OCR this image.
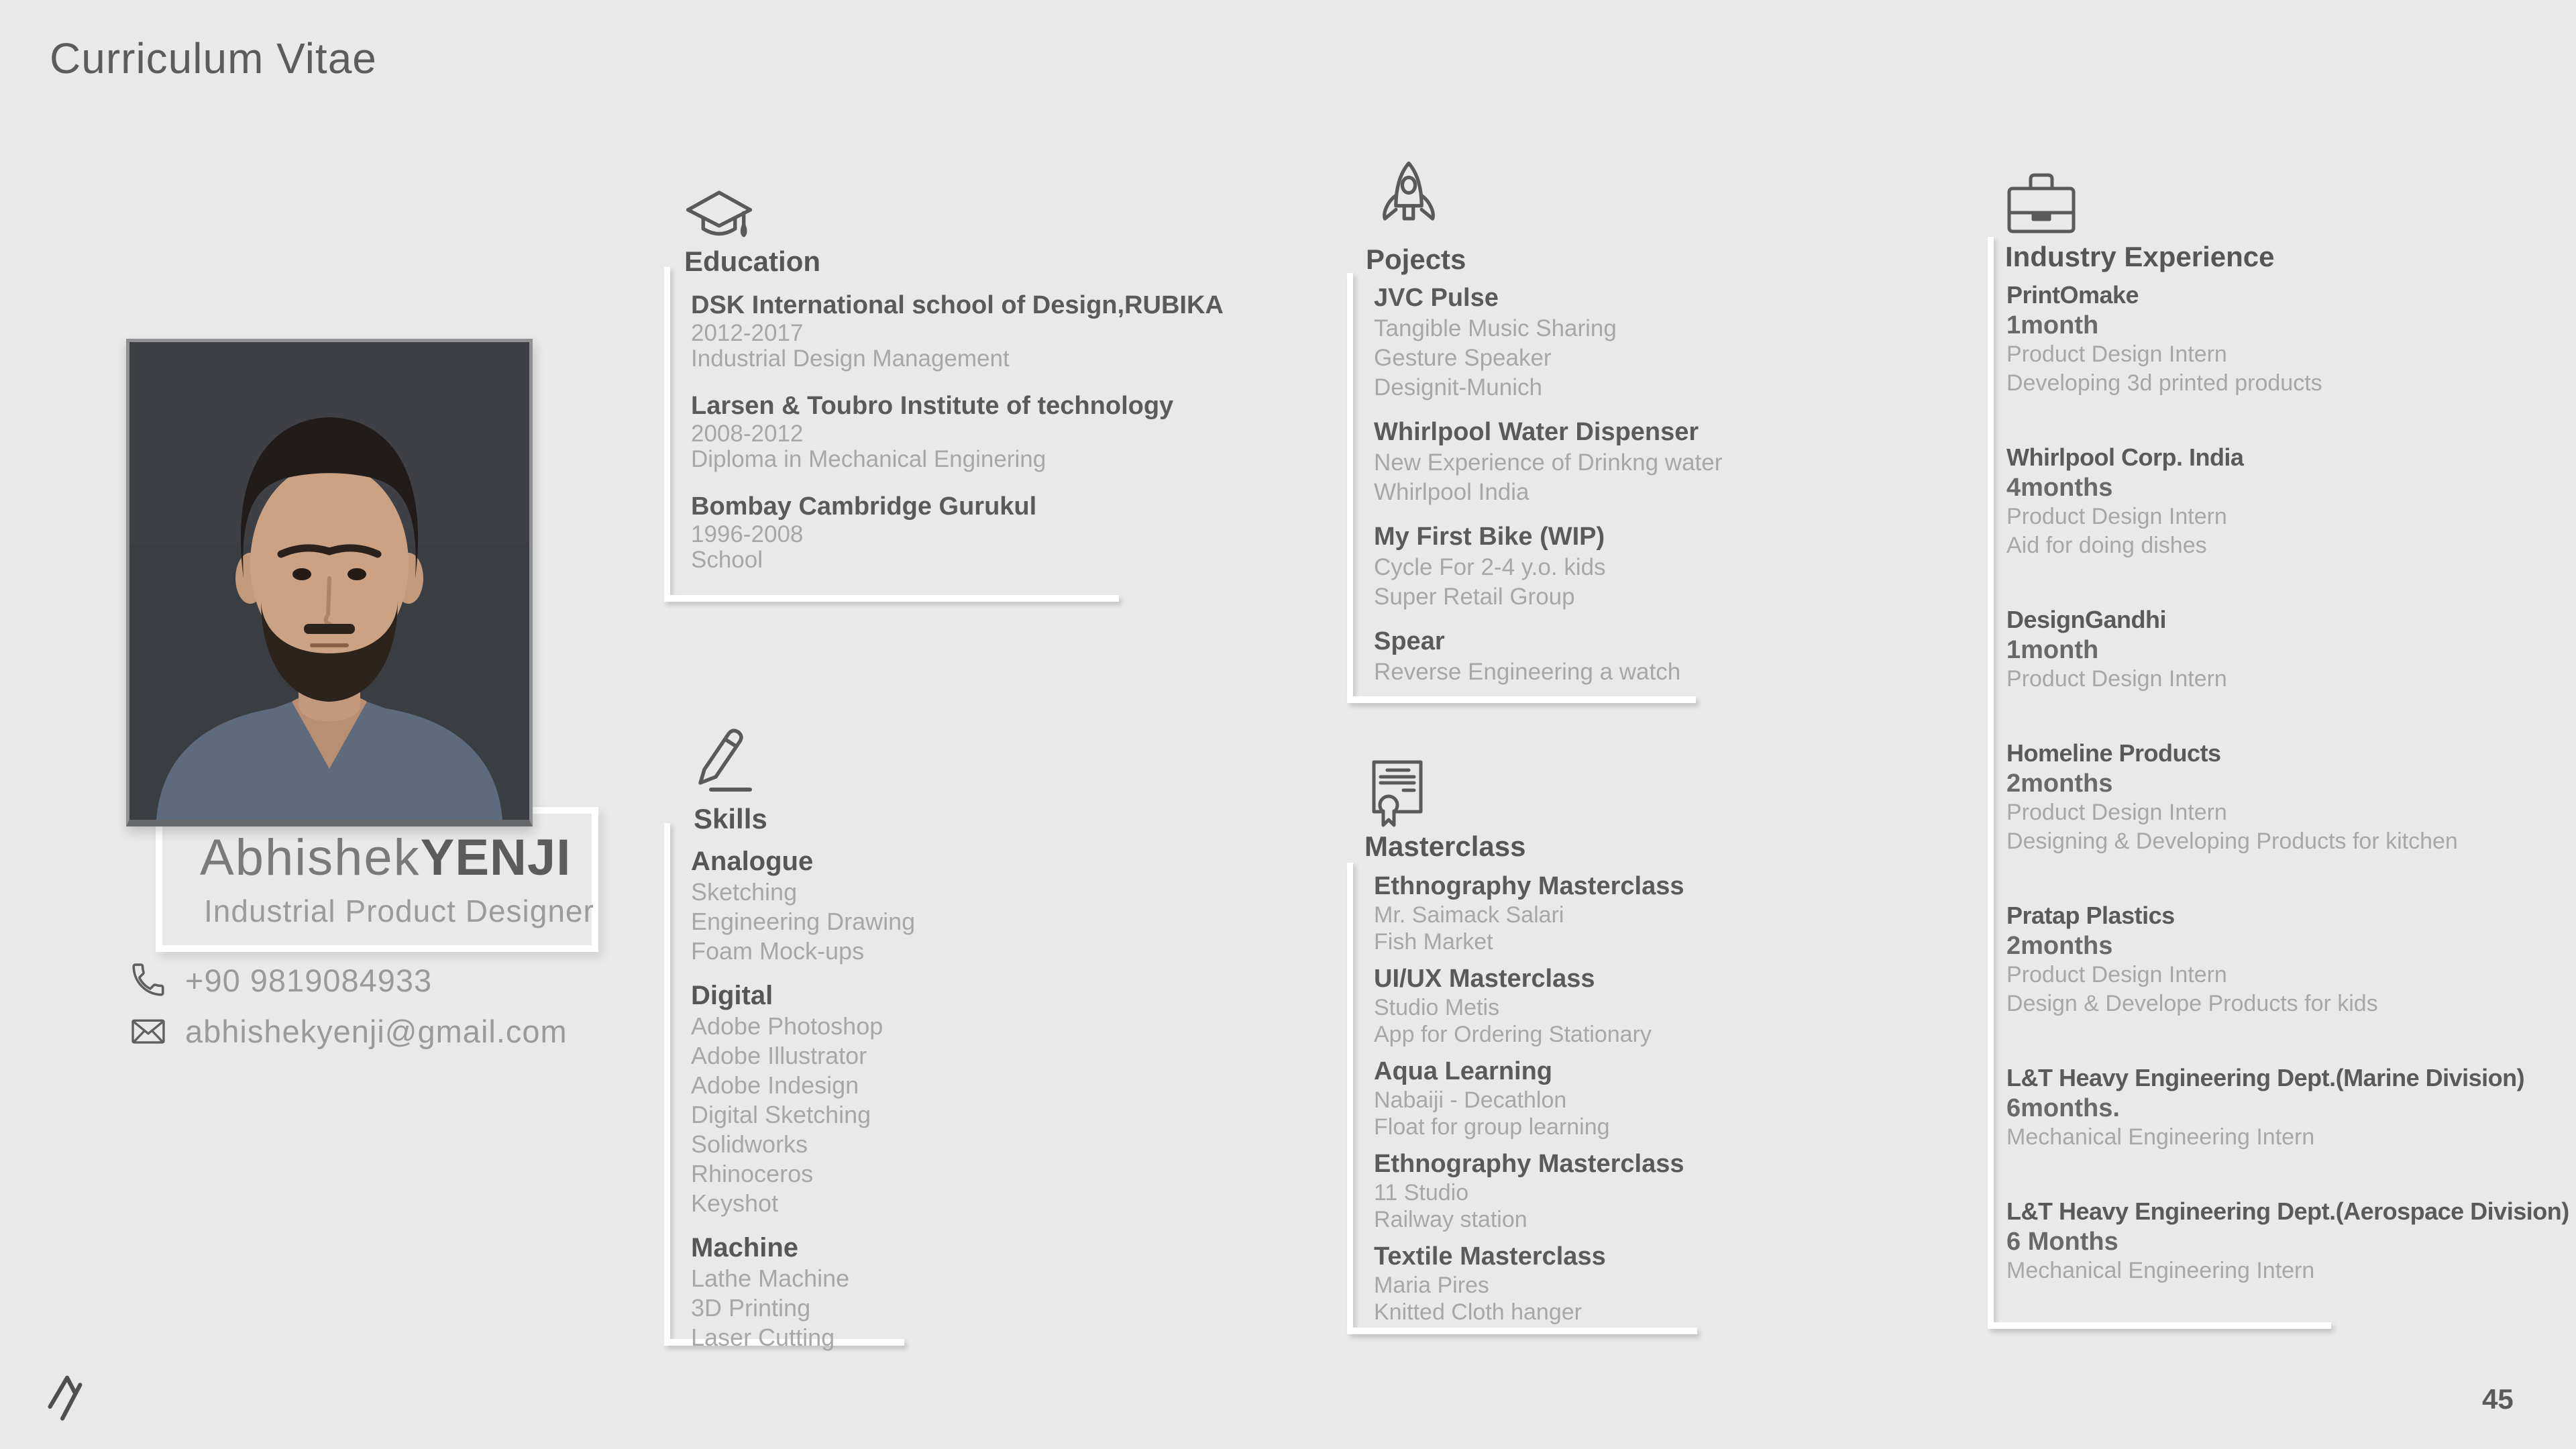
Curriculum Vitae
AbhishekYENJI
Industrial Product Designer
+90 9819084933
abhishekyenji@gmail.com
Education
DSK International school of Design,RUBIKA
2012-2017
Industrial Design Management
Larsen & Toubro Institute of technology
2008-2012
Diploma in Mechanical Enginering
Bombay Cambridge Gurukul
1996-2008
School
Skills
Analogue
Sketching
Engineering Drawing
Foam Mock-ups
Digital
Adobe Photoshop
Adobe Illustrator
Adobe Indesign
Digital Sketching
Solidworks
Rhinoceros
Keyshot
Machine
Lathe Machine
3D Printing
Laser Cutting
Pojects
JVC Pulse
Tangible Music Sharing
Gesture Speaker
Designit-Munich
Whirlpool Water Dispenser
New Experience of Drinkng water
Whirlpool India
My First Bike (WIP)
Cycle For 2-4 y.o. kids
Super Retail Group
Spear
Reverse Engineering a watch
Masterclass
Ethnography Masterclass
Mr. Saimack Salari
Fish Market
UI/UX Masterclass
Studio Metis
App for Ordering Stationary
Aqua Learning
Nabaiji - Decathlon
Float for group learning
Ethnography Masterclass
11 Studio
Railway station
Textile Masterclass
Maria Pires
Knitted Cloth hanger
Industry Experience
PrintOmake
1month
Product Design Intern
Developing 3d printed products
Whirlpool Corp. India
4months
Product Design Intern
Aid for doing dishes
DesignGandhi
1month
Product Design Intern
Homeline Products
2months
Product Design Intern
Designing & Developing Products for kitchen
Pratap Plastics
2months
Product Design Intern
Design & Develope Products for kids
L&T Heavy Engineering Dept.(Marine Division)
6months.
Mechanical Engineering Intern
L&T Heavy Engineering Dept.(Aerospace Division)
6 Months
Mechanical Engineering Intern
45
